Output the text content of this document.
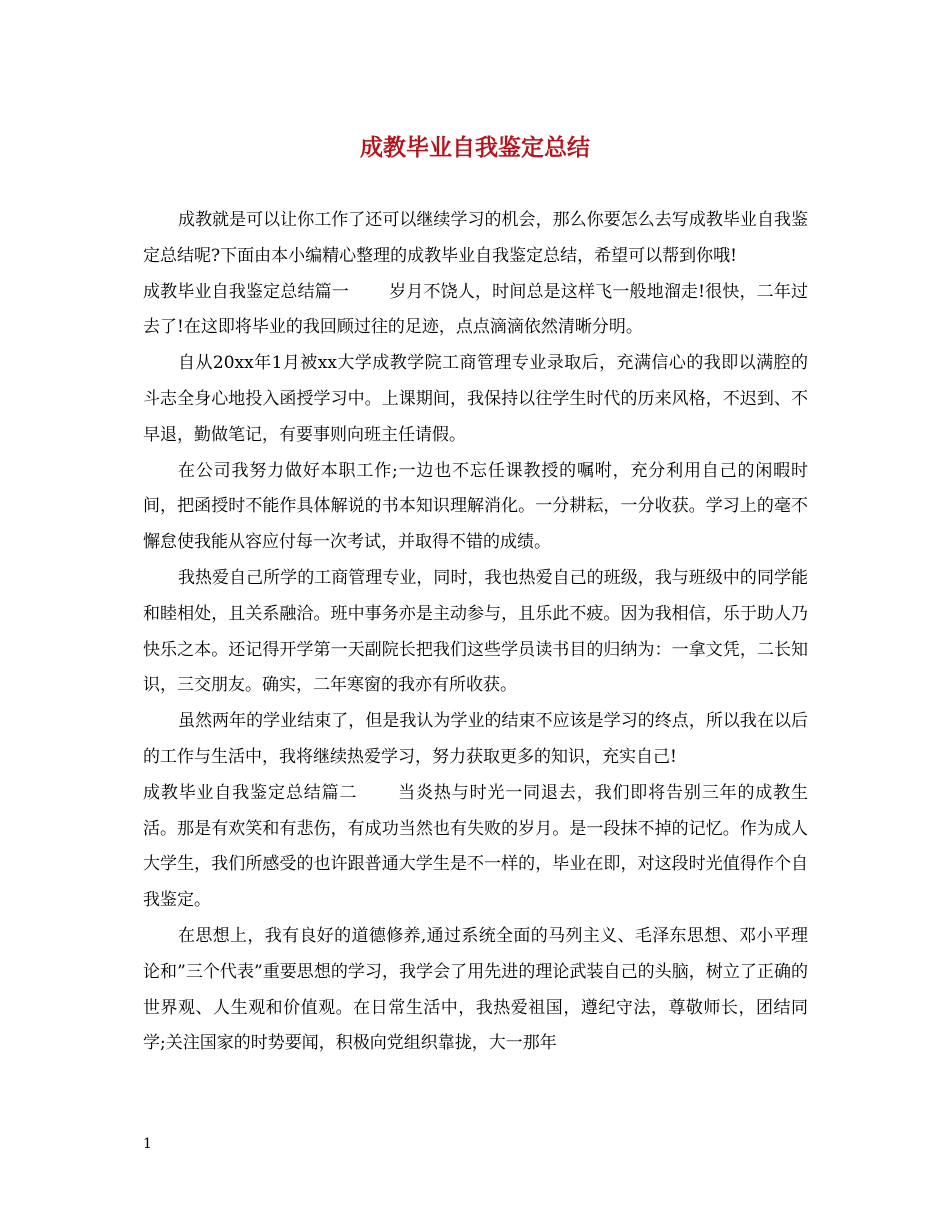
成教毕业自我鉴定总结

成教就是可以让你工作了还可以继续学习的机会，那么你要怎么去写成教毕业自我鉴定总结呢?下面由本小编精心整理的成教毕业自我鉴定总结，希望可以帮到你哦!

成教毕业自我鉴定总结篇一 岁月不饶人，时间总是这样飞一般地溜走!很快，二年过去了!在这即将毕业的我回顾过往的足迹，点点滴滴依然清晰分明。

自从20xx年1月被xx大学成教学院工商管理专业录取后，充满信心的我即以满腔的斗志全身心地投入函授学习中。上课期间，我保持以往学生时代的历来风格，不迟到、不早退，勤做笔记，有要事则向班主任请假。

在公司我努力做好本职工作;一边也不忘任课教授的嘱咐，充分利用自己的闲暇时间，把函授时不能作具体解说的书本知识理解消化。一分耕耘，一分收获。学习上的毫不懈怠使我能从容应付每一次考试，并取得不错的成绩。

我热爱自己所学的工商管理专业，同时，我也热爱自己的班级，我与班级中的同学能和睦相处，且关系融洽。班中事务亦是主动参与，且乐此不疲。因为我相信，乐于助人乃快乐之本。还记得开学第一天副院长把我们这些学员读书目的归纳为：一拿文凭，二长知识，三交朋友。确实，二年寒窗的我亦有所收获。

虽然两年的学业结束了，但是我认为学业的结束不应该是学习的终点，所以我在以后的工作与生活中，我将继续热爱学习，努力获取更多的知识，充实自己!

成教毕业自我鉴定总结篇二 当炎热与时光一同退去，我们即将告别三年的成教生活。那是有欢笑和有悲伤，有成功当然也有失败的岁月。是一段抹不掉的记忆。作为成人大学生，我们所感受的也许跟普通大学生是不一样的，毕业在即，对这段时光值得作个自我鉴定。

在思想上，我有良好的道德修养,通过系统全面的马列主义、毛泽东思想、邓小平理论和”三个代表”重要思想的学习，我学会了用先进的理论武装自己的头脑，树立了正确的世界观、人生观和价值观。在日常生活中，我热爱祖国，遵纪守法，尊敬师长，团结同学;关注国家的时势要闻，积极向党组织靠拢，大一那年

1
